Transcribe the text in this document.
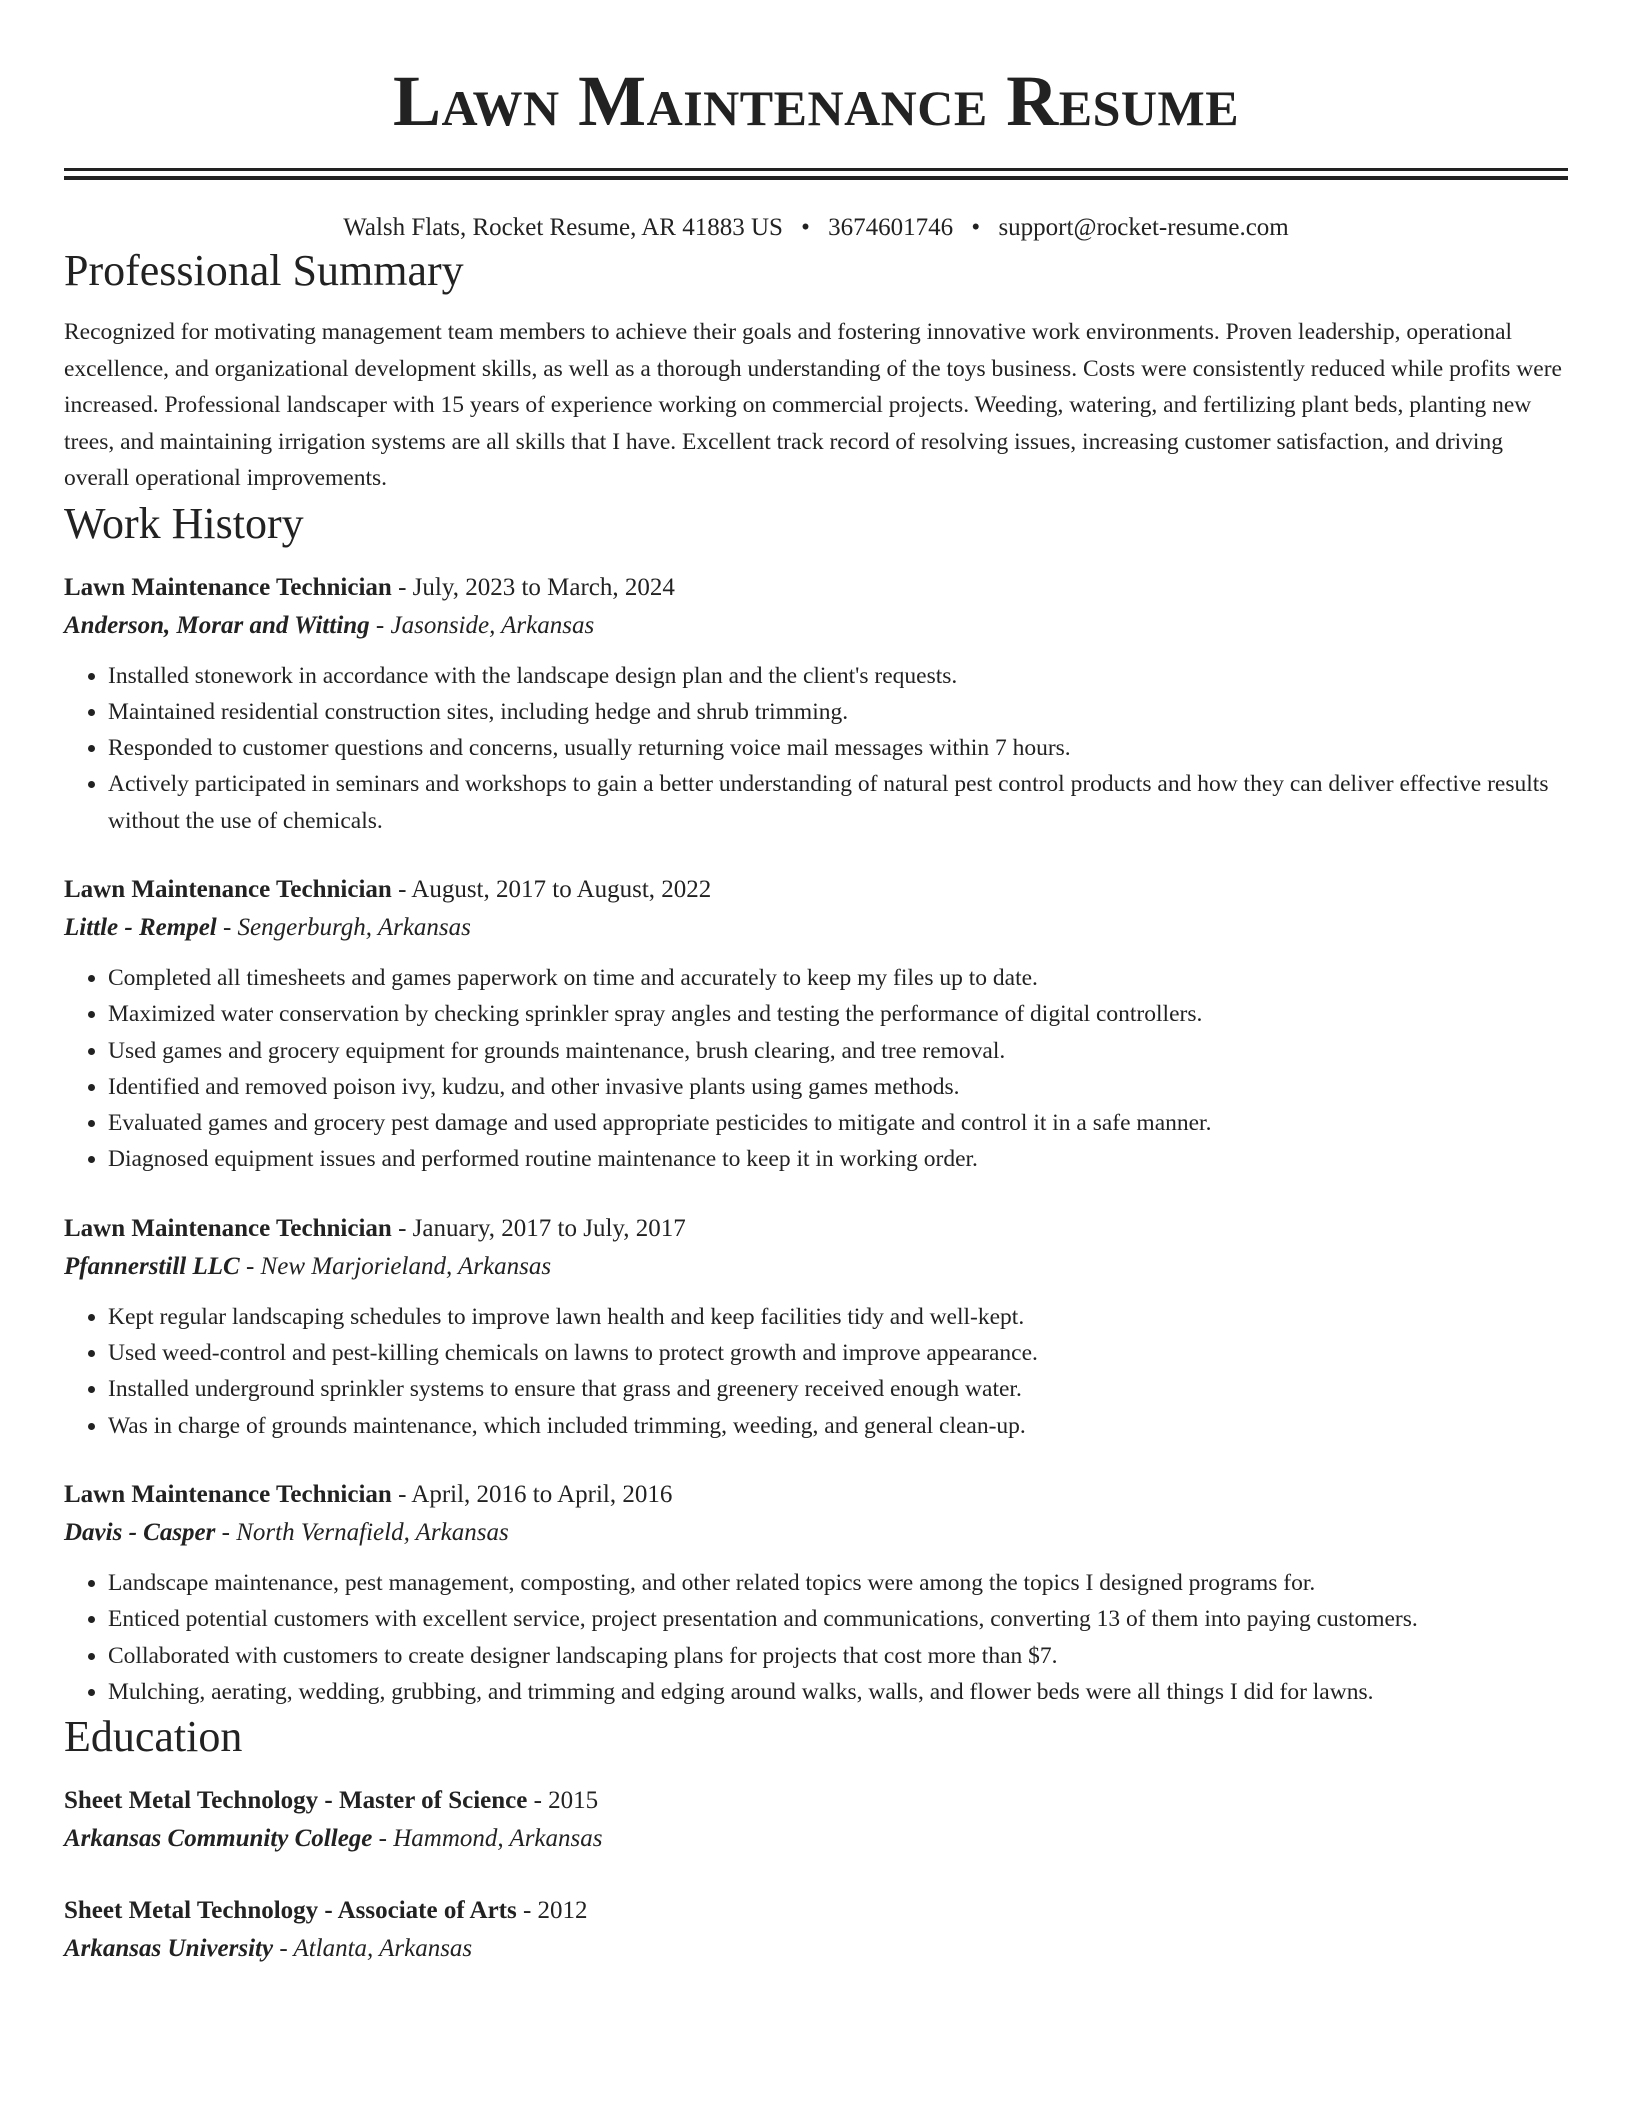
Lawn Maintenance Resume
Walsh Flats, Rocket Resume, AR 41883 US • 3674601746 • support@rocket-resume.com
Professional Summary
Recognized for motivating management team members to achieve their goals and fostering innovative work environments. Proven leadership, operational excellence, and organizational development skills, as well as a thorough understanding of the toys business. Costs were consistently reduced while profits were increased. Professional landscaper with 15 years of experience working on commercial projects. Weeding, watering, and fertilizing plant beds, planting new trees, and maintaining irrigation systems are all skills that I have. Excellent track record of resolving issues, increasing customer satisfaction, and driving overall operational improvements.
Work History
Lawn Maintenance Technician - July, 2023 to March, 2024
Anderson, Morar and Witting - Jasonside, Arkansas
• Installed stonework in accordance with the landscape design plan and the client's requests.
• Maintained residential construction sites, including hedge and shrub trimming.
• Responded to customer questions and concerns, usually returning voice mail messages within 7 hours.
• Actively participated in seminars and workshops to gain a better understanding of natural pest control products and how they can deliver effective results without the use of chemicals.
Lawn Maintenance Technician - August, 2017 to August, 2022
Little - Rempel - Sengerburgh, Arkansas
• Completed all timesheets and games paperwork on time and accurately to keep my files up to date.
• Maximized water conservation by checking sprinkler spray angles and testing the performance of digital controllers.
• Used games and grocery equipment for grounds maintenance, brush clearing, and tree removal.
• Identified and removed poison ivy, kudzu, and other invasive plants using games methods.
• Evaluated games and grocery pest damage and used appropriate pesticides to mitigate and control it in a safe manner.
• Diagnosed equipment issues and performed routine maintenance to keep it in working order.
Lawn Maintenance Technician - January, 2017 to July, 2017
Pfannerstill LLC - New Marjorieland, Arkansas
• Kept regular landscaping schedules to improve lawn health and keep facilities tidy and well-kept.
• Used weed-control and pest-killing chemicals on lawns to protect growth and improve appearance.
• Installed underground sprinkler systems to ensure that grass and greenery received enough water.
• Was in charge of grounds maintenance, which included trimming, weeding, and general clean-up.
Lawn Maintenance Technician - April, 2016 to April, 2016
Davis - Casper - North Vernafield, Arkansas
• Landscape maintenance, pest management, composting, and other related topics were among the topics I designed programs for.
• Enticed potential customers with excellent service, project presentation and communications, converting 13 of them into paying customers.
• Collaborated with customers to create designer landscaping plans for projects that cost more than $7.
• Mulching, aerating, wedding, grubbing, and trimming and edging around walks, walls, and flower beds were all things I did for lawns.
Education
Sheet Metal Technology - Master of Science - 2015
Arkansas Community College - Hammond, Arkansas
Sheet Metal Technology - Associate of Arts - 2012
Arkansas University - Atlanta, Arkansas
